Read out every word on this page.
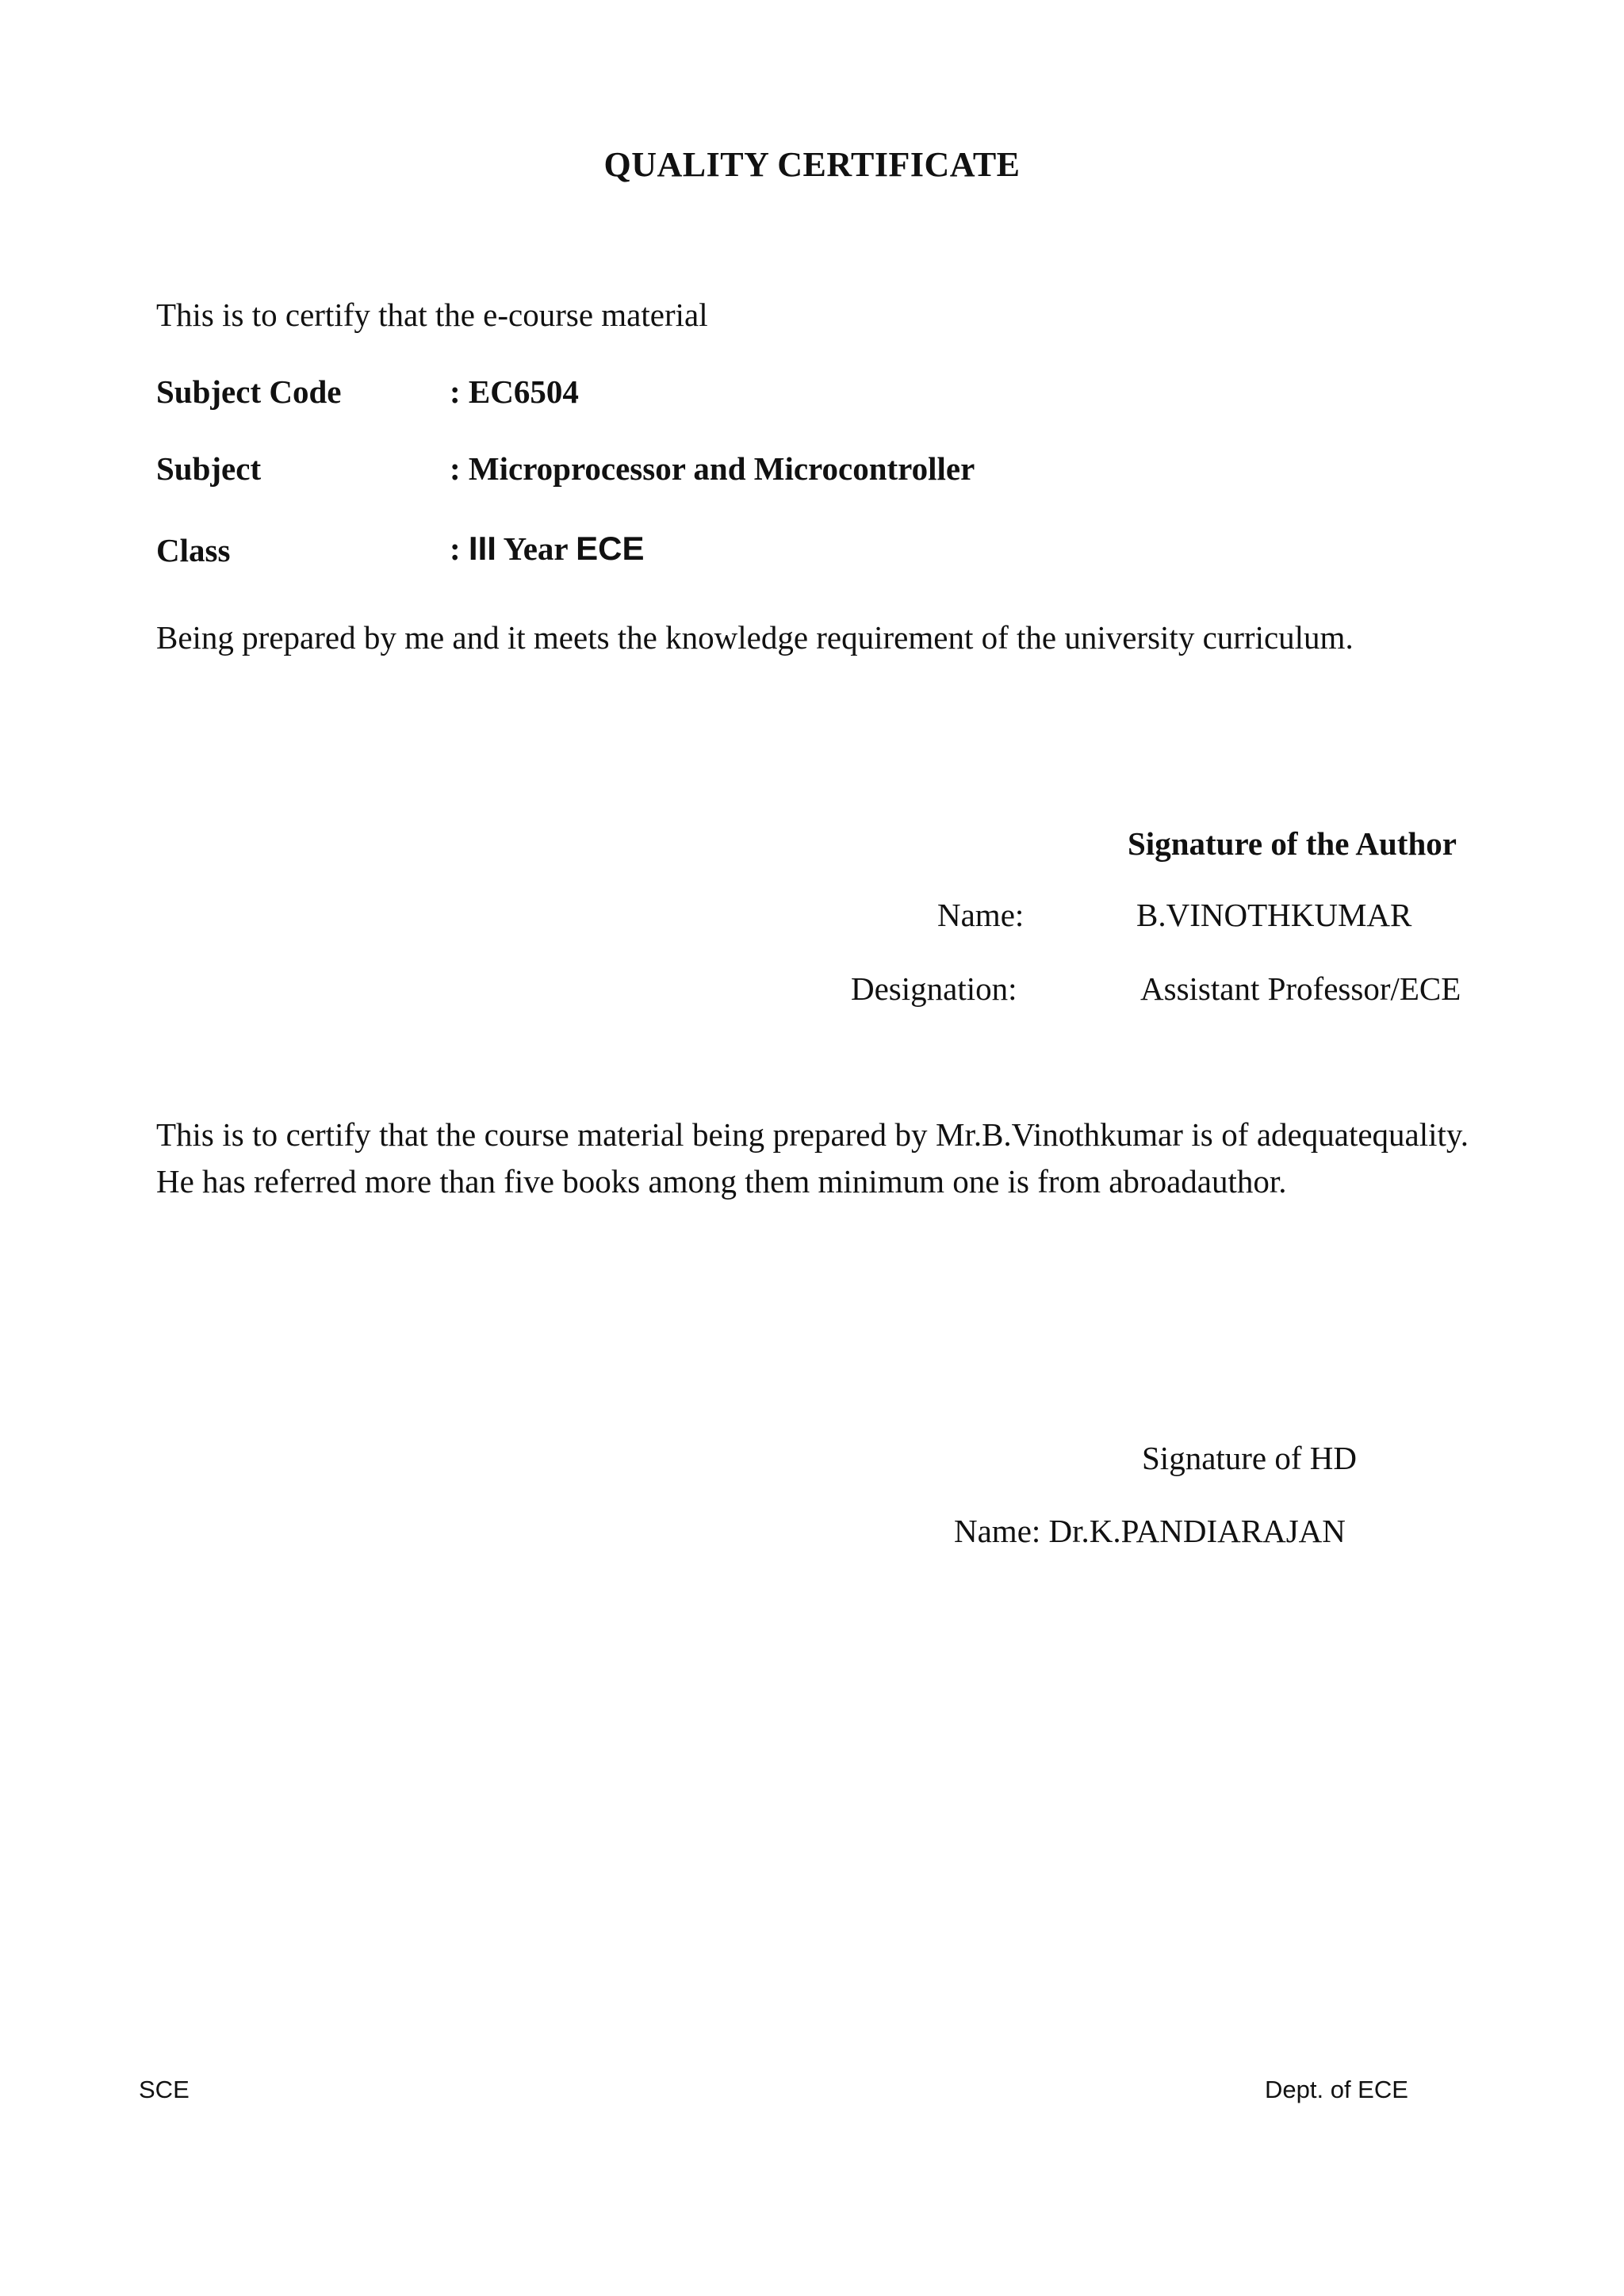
QUALITY CERTIFICATE
This is to certify that the e-course material
Subject Code	: EC6504
Subject	: Microprocessor and Microcontroller
Class	: III Year ECE
Being prepared by me and it meets the knowledge requirement of the university curriculum.
Signature of the Author
Name:	B.VINOTHKUMAR
Designation:	Assistant Professor/ECE
This is to certify that the course material being prepared by Mr.B.Vinothkumar is of adequatequality. He has referred more than five books among them minimum one is from abroadauthor.
Signature of HD
Name: Dr.K.PANDIARAJAN
SCE	Dept. of ECE
